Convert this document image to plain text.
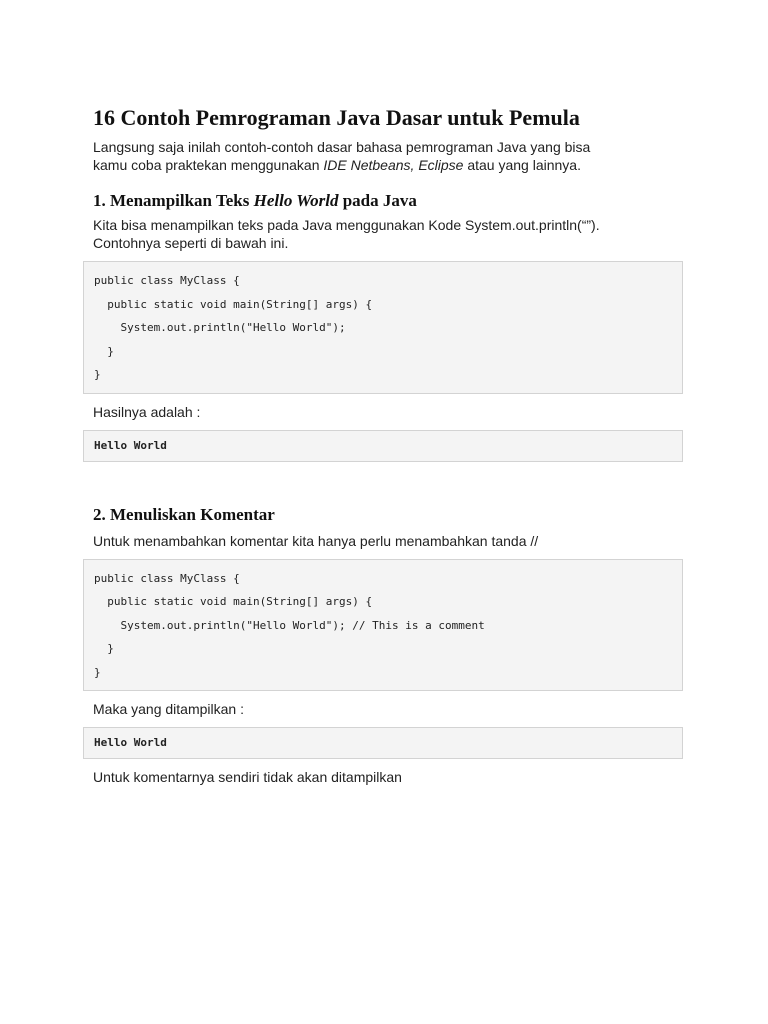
16 Contoh Pemrograman Java Dasar untuk Pemula

Langsung saja inilah contoh-contoh dasar bahasa pemrograman Java yang bisa
kamu coba praktekan menggunakan IDE Netbeans, Eclipse atau yang lainnya.

1. Menampilkan Teks Hello World pada Java

Kita bisa menampilkan teks pada Java menggunakan Kode System.out.println(“”).
Contohnya seperti di bawah ini.

public class MyClass {
public static void main(String[] args) {
System.out.println("Hello World");
}
}

Hasilnya adalah :

Hello World
2. Menuliskan Komentar

Untuk menambahkan komentar kita hanya perlu menambahkan tanda //

public class MyClass {
public static void main(String[] args) {
System.out.println("Hello World"); // This is a comment
}
}

Maka yang ditampilkan :

Hello World

Untuk komentarnya sendiri tidak akan ditampilkan
